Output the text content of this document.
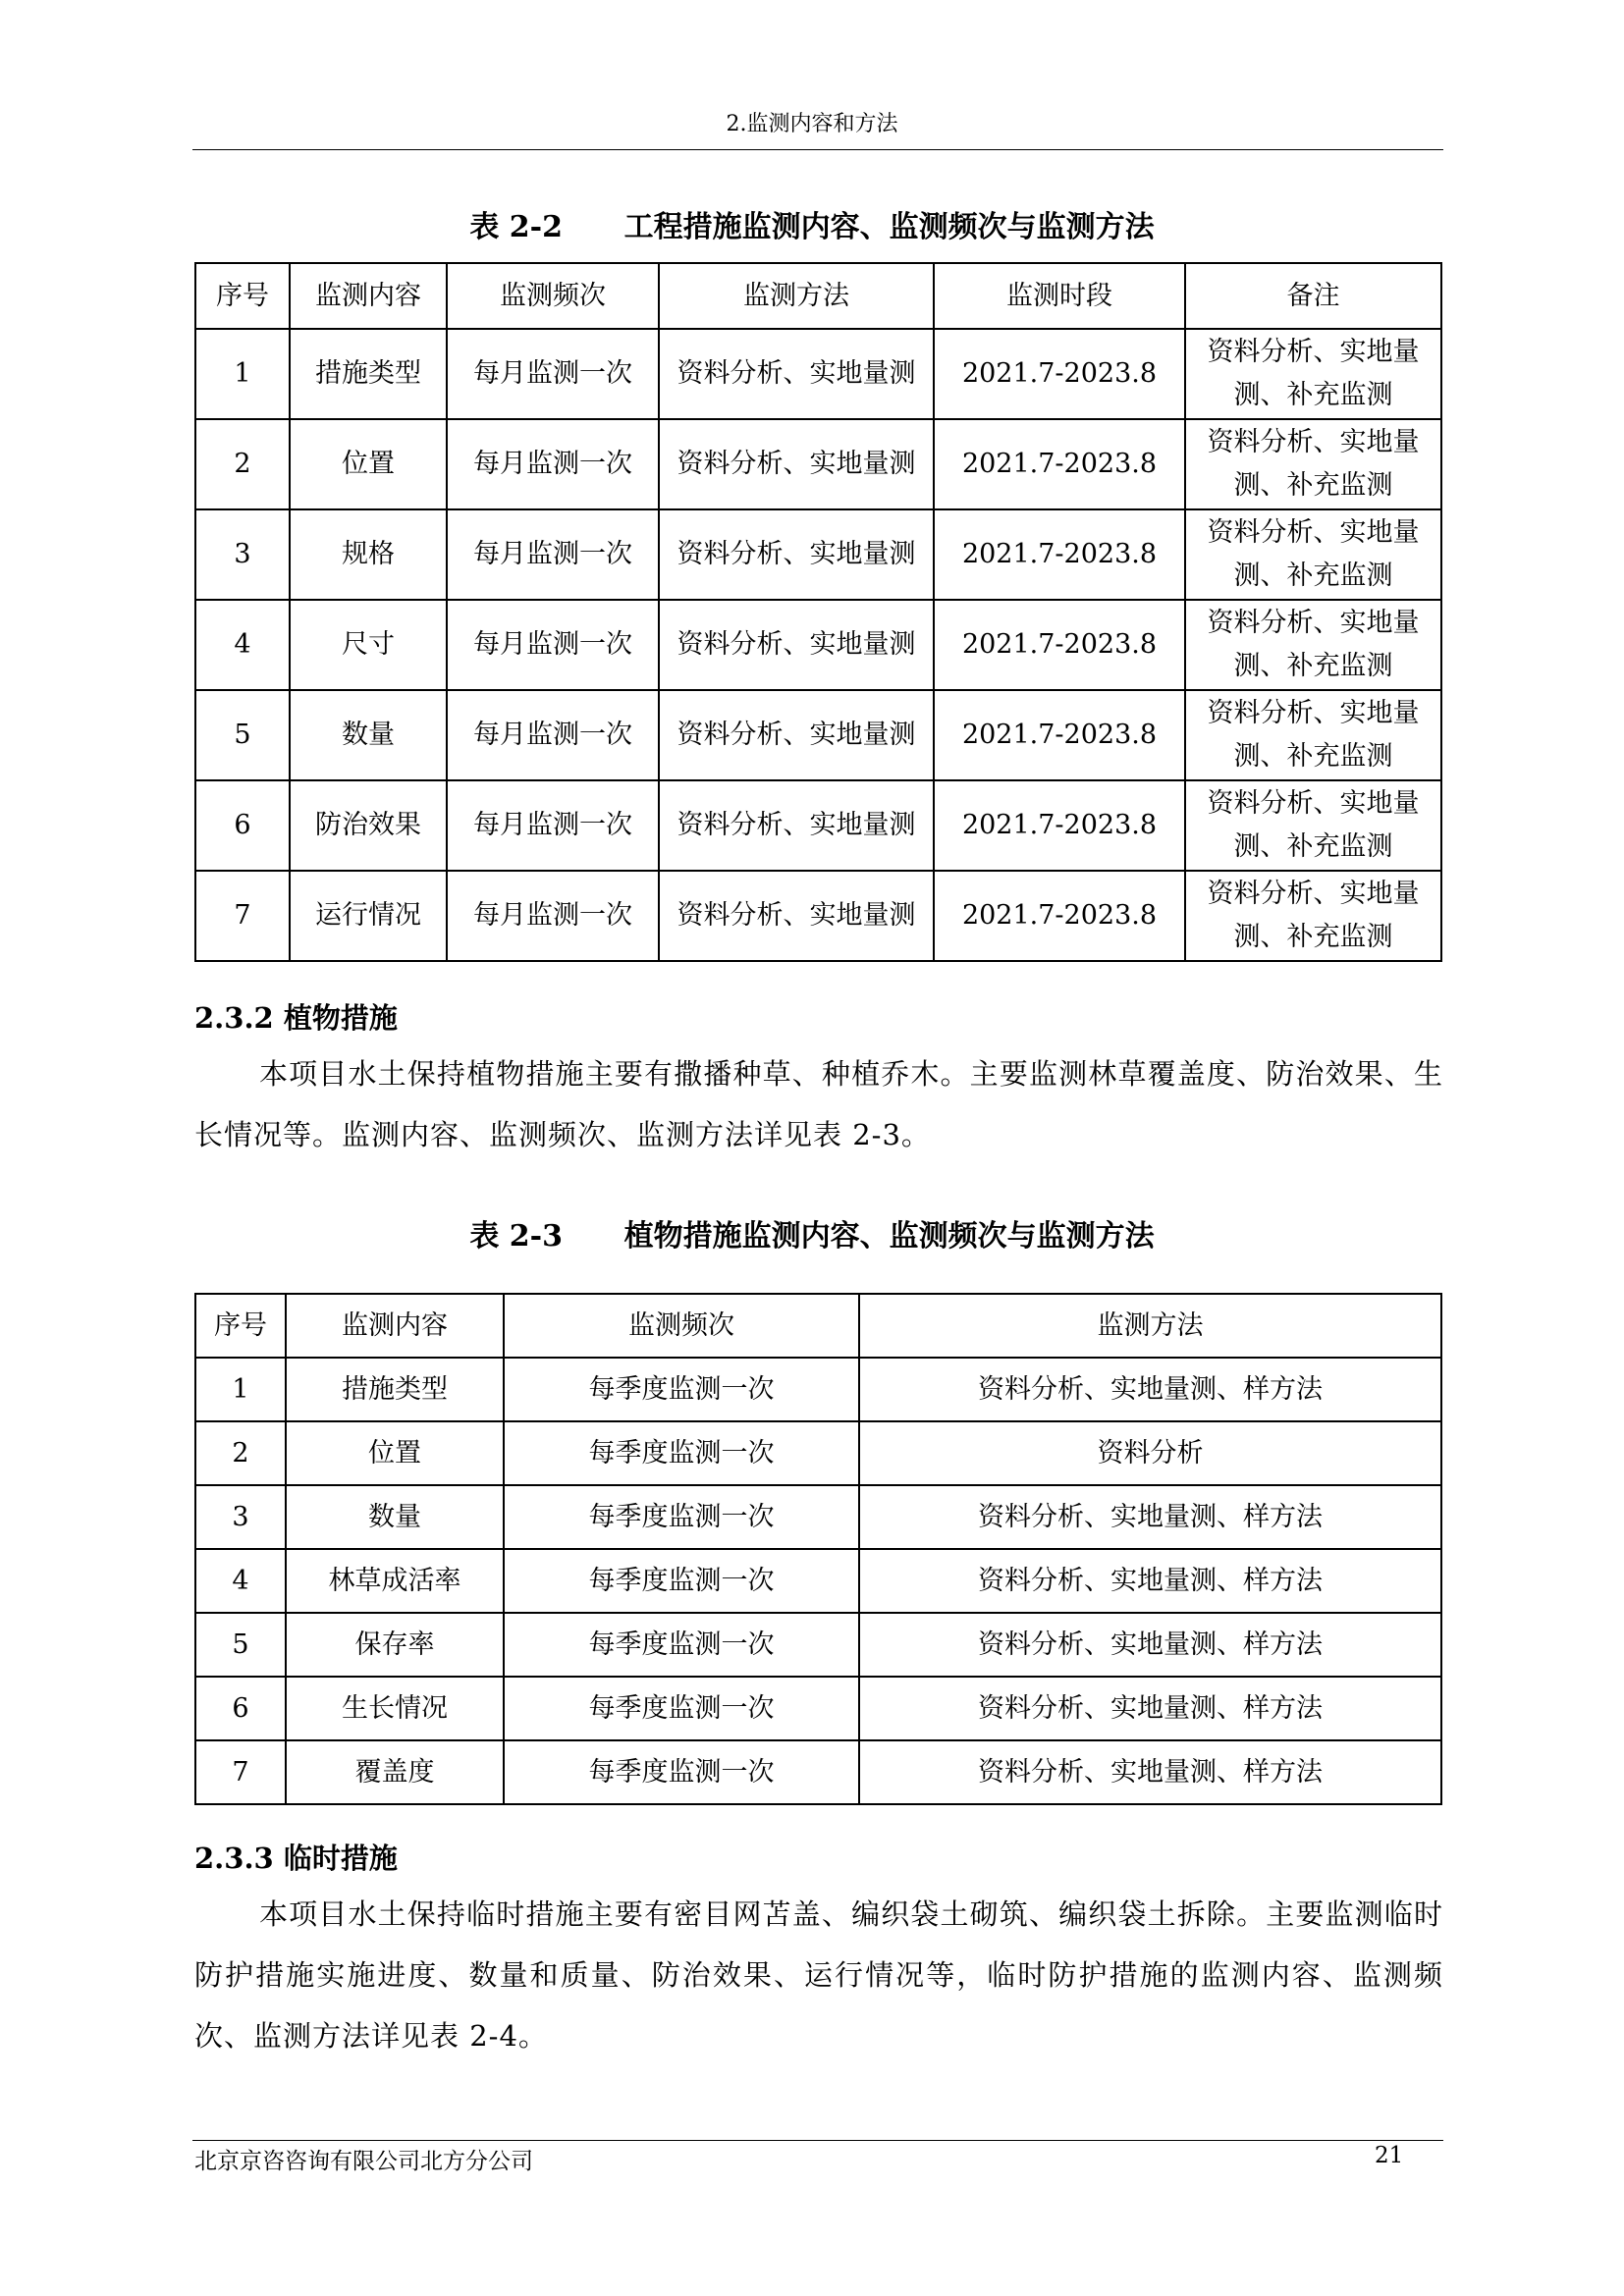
2.监测内容和方法
表 2-2      工程措施监测内容、监测频次与监测方法
序号	监测内容	监测频次	监测方法	监测时段	备注
1	措施类型	每月监测一次	资料分析、实地量测	2021.7-2023.8	资料分析、实地量测、补充监测
2	位置	每月监测一次	资料分析、实地量测	2021.7-2023.8	资料分析、实地量测、补充监测
3	规格	每月监测一次	资料分析、实地量测	2021.7-2023.8	资料分析、实地量测、补充监测
4	尺寸	每月监测一次	资料分析、实地量测	2021.7-2023.8	资料分析、实地量测、补充监测
5	数量	每月监测一次	资料分析、实地量测	2021.7-2023.8	资料分析、实地量测、补充监测
6	防治效果	每月监测一次	资料分析、实地量测	2021.7-2023.8	资料分析、实地量测、补充监测
7	运行情况	每月监测一次	资料分析、实地量测	2021.7-2023.8	资料分析、实地量测、补充监测
2.3.2 植物措施

本项目水土保持植物措施主要有撒播种草、种植乔木。主要监测林草覆盖度、防治效果、生长情况等。监测内容、监测频次、监测方法详见表 2-3。

表 2-3      植物措施监测内容、监测频次与监测方法
序号	监测内容	监测频次	监测方法
1	措施类型	每季度监测一次	资料分析、实地量测、样方法
2	位置	每季度监测一次	资料分析
3	数量	每季度监测一次	资料分析、实地量测、样方法
4	林草成活率	每季度监测一次	资料分析、实地量测、样方法
5	保存率	每季度监测一次	资料分析、实地量测、样方法
6	生长情况	每季度监测一次	资料分析、实地量测、样方法
7	覆盖度	每季度监测一次	资料分析、实地量测、样方法
2.3.3 临时措施

本项目水土保持临时措施主要有密目网苫盖、编织袋土砌筑、编织袋土拆除。主要监测临时防护措施实施进度、数量和质量、防治效果、运行情况等，临时防护措施的监测内容、监测频次、监测方法详见表 2-4。

北京京咨咨询有限公司北方分公司	21
